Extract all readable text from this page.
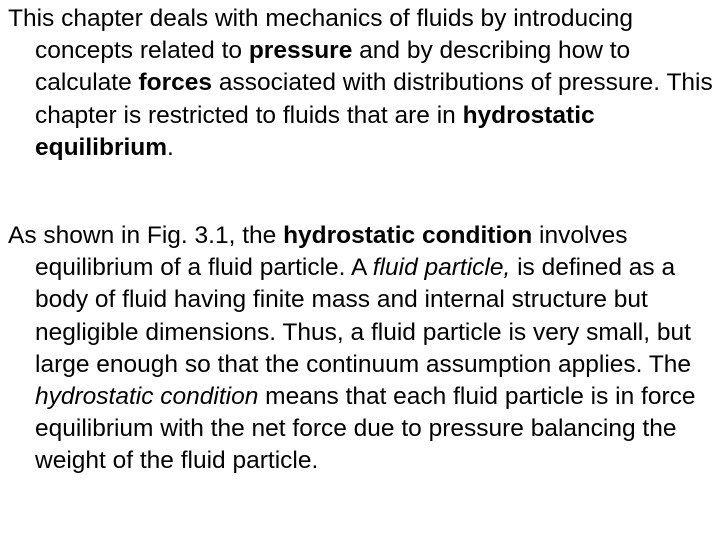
This chapter deals with mechanics of fluids by introducing concepts related to pressure and by describing how to calculate forces associated with distributions of pressure. This chapter is restricted to fluids that are in hydrostatic equilibrium.

As shown in Fig. 3.1, the hydrostatic condition involves equilibrium of a fluid particle. A fluid particle, is defined as a body of fluid having finite mass and internal structure but negligible dimensions. Thus, a fluid particle is very small, but large enough so that the continuum assumption applies. The hydrostatic condition means that each fluid particle is in force equilibrium with the net force due to pressure balancing the weight of the fluid particle.
